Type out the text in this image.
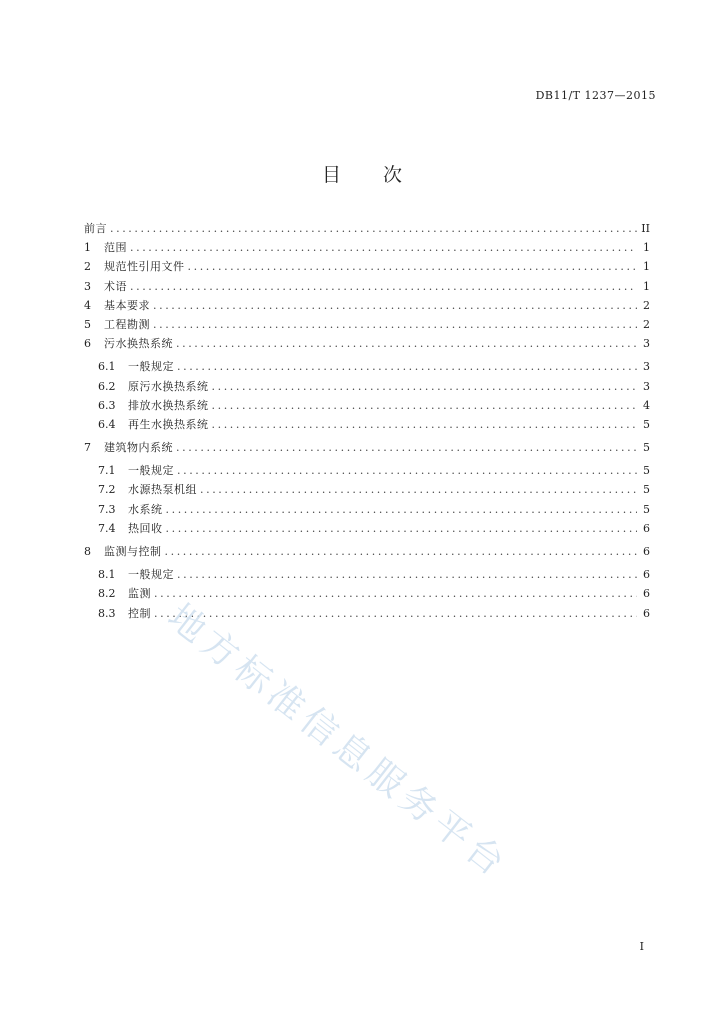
DB11/T 1237—2015
目次
前言 .....	II
1	范围 .....	1
2	规范性引用文件 .....	1
3	术语 .....	1
4	基本要求 .....	2
5	工程勘测 .....	2
6	污水换热系统 .....	3
6.1	一般规定 .....	3
6.2	原污水换热系统 .....	3
6.3	排放水换热系统 .....	4
6.4	再生水换热系统 .....	5
7	建筑物内系统 .....	5
7.1	一般规定 .....	5
7.2	水源热泵机组 .....	5
7.3	水系统 .....	5
7.4	热回收 .....	6
8	监测与控制 .....	6
8.1	一般规定 .....	6
8.2	监测 .....	6
8.3	控制 .....	6
地方标准信息服务平台
I
